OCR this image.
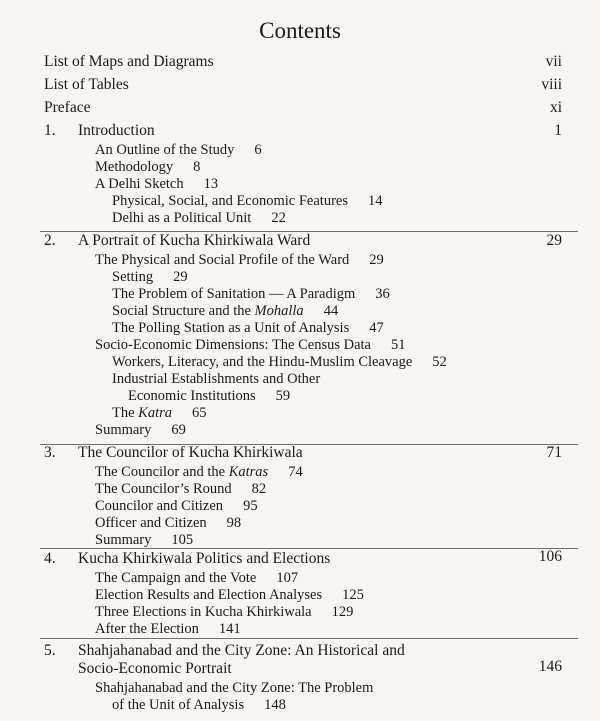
Contents
List of Maps and Diagrams	vii
List of Tables	viii
Preface	xi
1. Introduction	1
An Outline of the Study 6
Methodology 8
A Delhi Sketch 13
Physical, Social, and Economic Features 14
Delhi as a Political Unit 22
2. A Portrait of Kucha Khirkiwala Ward	29
The Physical and Social Profile of the Ward 29
Setting 29
The Problem of Sanitation — A Paradigm 36
Social Structure and the Mohalla 44
The Polling Station as a Unit of Analysis 47
Socio-Economic Dimensions: The Census Data 51
Workers, Literacy, and the Hindu-Muslim Cleavage 52
Industrial Establishments and Other
Economic Institutions 59
The Katra 65
Summary 69
3. The Councilor of Kucha Khirkiwala	71
The Councilor and the Katras 74
The Councilor’s Round 82
Councilor and Citizen 95
Officer and Citizen 98
Summary 105
4. Kucha Khirkiwala Politics and Elections	106
The Campaign and the Vote 107
Election Results and Election Analyses 125
Three Elections in Kucha Khirkiwala 129
After the Election 141
5. Shahjahanabad and the City Zone: An Historical and
Socio-Economic Portrait	146
Shahjahanabad and the City Zone: The Problem
of the Unit of Analysis 148
